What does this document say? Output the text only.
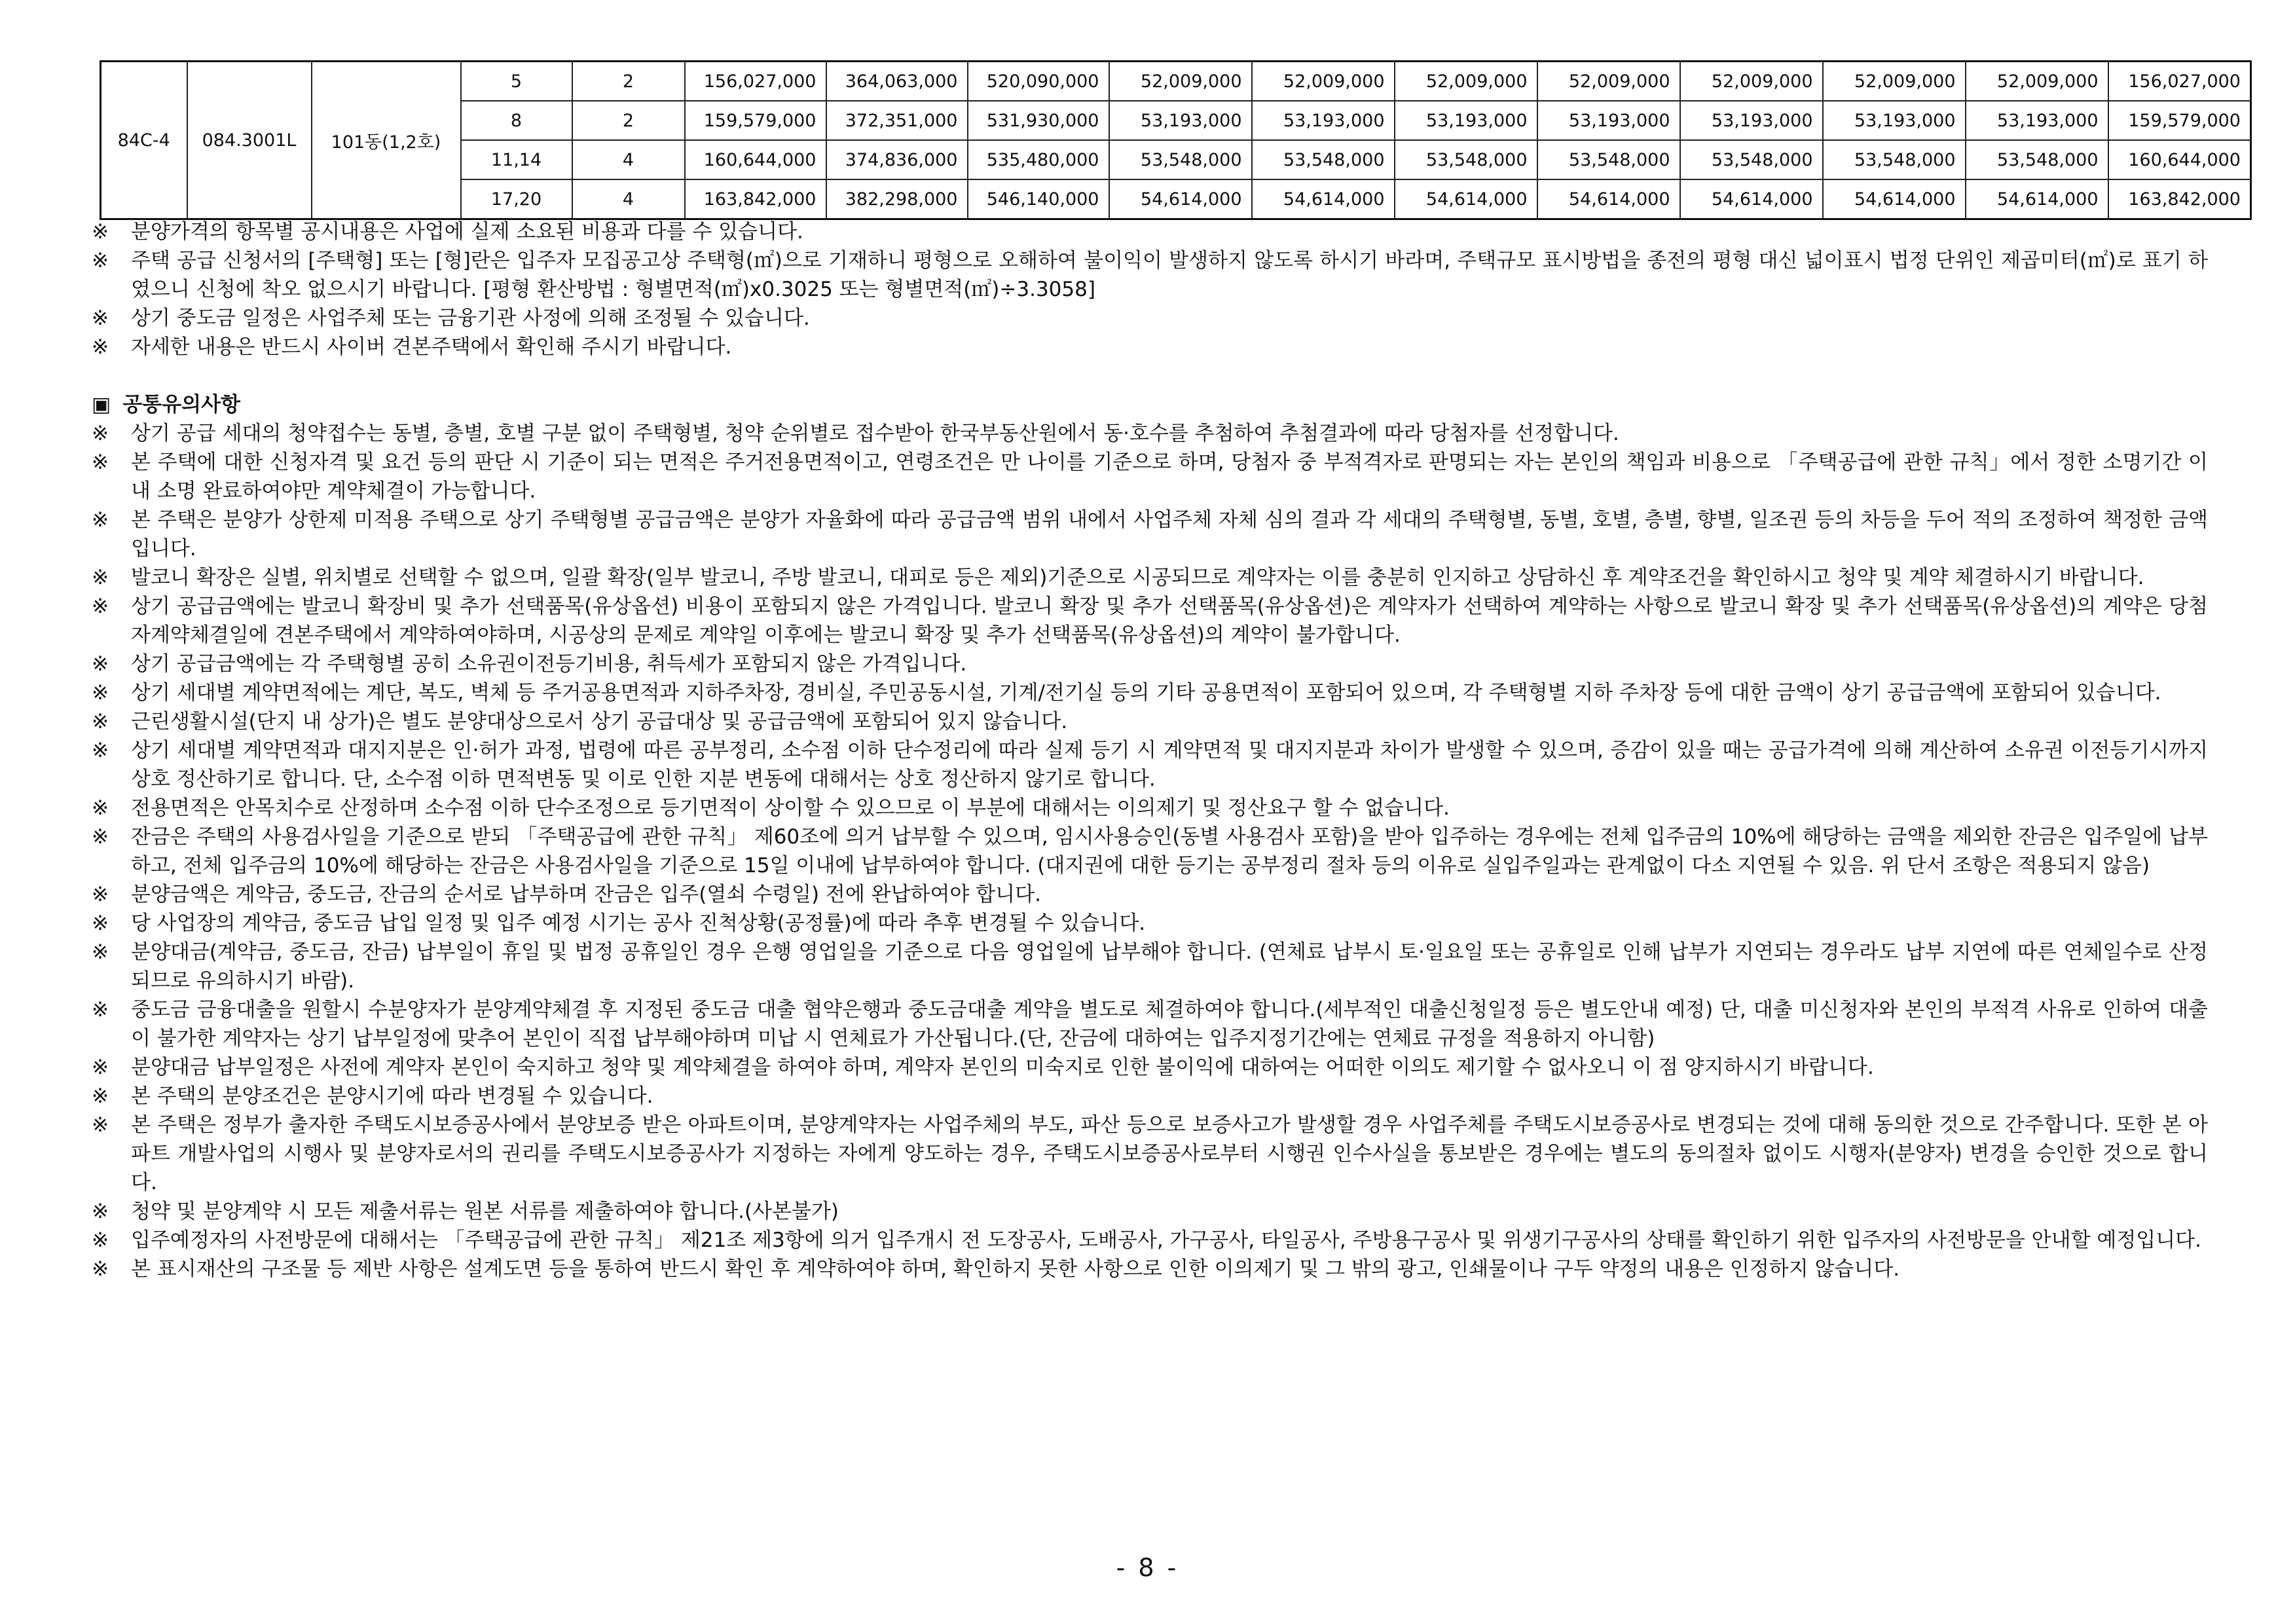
84C-4	084.3001L	101동(1,2호)	5	2	156,027,000	364,063,000	520,090,000	52,009,000	52,009,000	52,009,000	52,009,000	52,009,000	52,009,000	52,009,000	156,027,000
			8	2	159,579,000	372,351,000	531,930,000	53,193,000	53,193,000	53,193,000	53,193,000	53,193,000	53,193,000	53,193,000	159,579,000
			11,14	4	160,644,000	374,836,000	535,480,000	53,548,000	53,548,000	53,548,000	53,548,000	53,548,000	53,548,000	53,548,000	160,644,000
			17,20	4	163,842,000	382,298,000	546,140,000	54,614,000	54,614,000	54,614,000	54,614,000	54,614,000	54,614,000	54,614,000	163,842,000

※ 분양가격의 항목별 공시내용은 사업에 실제 소요된 비용과 다를 수 있습니다.

※ 주택 공급 신청서의 [주택형] 또는 [형]란은 입주자 모집공고상 주택형(㎡)으로 기재하니 평형으로 오해하여 불이익이 발생하지 않도록 하시기 바라며, 주택규모 표시방법을 종전의 평형 대신 넓이표시 법정 단위인 제곱미터(㎡)로 표기 하였으니 신청에 착오 없으시기 바랍니다. [평형 환산방법 : 형별면적(㎡)x0.3025 또는 형별면적(㎡)÷3.3058]

※ 상기 중도금 일정은 사업주체 또는 금융기관 사정에 의해 조정될 수 있습니다.

※ 자세한 내용은 반드시 사이버 견본주택에서 확인해 주시기 바랍니다.

▣ 공통유의사항

※ 상기 공급 세대의 청약접수는 동별, 층별, 호별 구분 없이 주택형별, 청약 순위별로 접수받아 한국부동산원에서 동·호수를 추첨하여 추첨결과에 따라 당첨자를 선정합니다.

※ 본 주택에 대한 신청자격 및 요건 등의 판단 시 기준이 되는 면적은 주거전용면적이고, 연령조건은 만 나이를 기준으로 하며, 당첨자 중 부적격자로 판명되는 자는 본인의 책임과 비용으로 「주택공급에 관한 규칙」에서 정한 소명기간 이내 소명 완료하여야만 계약체결이 가능합니다.

※ 본 주택은 분양가 상한제 미적용 주택으로 상기 주택형별 공급금액은 분양가 자율화에 따라 공급금액 범위 내에서 사업주체 자체 심의 결과 각 세대의 주택형별, 동별, 호별, 층별, 향별, 일조권 등의 차등을 두어 적의 조정하여 책정한 금액입니다.

※ 발코니 확장은 실별, 위치별로 선택할 수 없으며, 일괄 확장(일부 발코니, 주방 발코니, 대피로 등은 제외)기준으로 시공되므로 계약자는 이를 충분히 인지하고 상담하신 후 계약조건을 확인하시고 청약 및 계약 체결하시기 바랍니다.

※ 상기 공급금액에는 발코니 확장비 및 추가 선택품목(유상옵션) 비용이 포함되지 않은 가격입니다. 발코니 확장 및 추가 선택품목(유상옵션)은 계약자가 선택하여 계약하는 사항으로 발코니 확장 및 추가 선택품목(유상옵션)의 계약은 당첨자계약체결일에 견본주택에서 계약하여야하며, 시공상의 문제로 계약일 이후에는 발코니 확장 및 추가 선택품목(유상옵션)의 계약이 불가합니다.

※ 상기 공급금액에는 각 주택형별 공히 소유권이전등기비용, 취득세가 포함되지 않은 가격입니다.

※ 상기 세대별 계약면적에는 계단, 복도, 벽체 등 주거공용면적과 지하주차장, 경비실, 주민공동시설, 기계/전기실 등의 기타 공용면적이 포함되어 있으며, 각 주택형별 지하 주차장 등에 대한 금액이 상기 공급금액에 포함되어 있습니다.

※ 근린생활시설(단지 내 상가)은 별도 분양대상으로서 상기 공급대상 및 공급금액에 포함되어 있지 않습니다.

※ 상기 세대별 계약면적과 대지지분은 인·허가 과정, 법령에 따른 공부정리, 소수점 이하 단수정리에 따라 실제 등기 시 계약면적 및 대지지분과 차이가 발생할 수 있으며, 증감이 있을 때는 공급가격에 의해 계산하여 소유권 이전등기시까지 상호 정산하기로 합니다. 단, 소수점 이하 면적변동 및 이로 인한 지분 변동에 대해서는 상호 정산하지 않기로 합니다.

※ 전용면적은 안목치수로 산정하며 소수점 이하 단수조정으로 등기면적이 상이할 수 있으므로 이 부분에 대해서는 이의제기 및 정산요구 할 수 없습니다.

※ 잔금은 주택의 사용검사일을 기준으로 받되 「주택공급에 관한 규칙」 제60조에 의거 납부할 수 있으며, 임시사용승인(동별 사용검사 포함)을 받아 입주하는 경우에는 전체 입주금의 10%에 해당하는 금액을 제외한 잔금은 입주일에 납부하고, 전체 입주금의 10%에 해당하는 잔금은 사용검사일을 기준으로 15일 이내에 납부하여야 합니다. (대지권에 대한 등기는 공부정리 절차 등의 이유로 실입주일과는 관계없이 다소 지연될 수 있음. 위 단서 조항은 적용되지 않음)

※ 분양금액은 계약금, 중도금, 잔금의 순서로 납부하며 잔금은 입주(열쇠 수령일) 전에 완납하여야 합니다.

※ 당 사업장의 계약금, 중도금 납입 일정 및 입주 예정 시기는 공사 진척상황(공정률)에 따라 추후 변경될 수 있습니다.

※ 분양대금(계약금, 중도금, 잔금) 납부일이 휴일 및 법정 공휴일인 경우 은행 영업일을 기준으로 다음 영업일에 납부해야 합니다. (연체료 납부시 토·일요일 또는 공휴일로 인해 납부가 지연되는 경우라도 납부 지연에 따른 연체일수로 산정 되므로 유의하시기 바람).

※ 중도금 금융대출을 원할시 수분양자가 분양계약체결 후 지정된 중도금 대출 협약은행과 중도금대출 계약을 별도로 체결하여야 합니다.(세부적인 대출신청일정 등은 별도안내 예정) 단, 대출 미신청자와 본인의 부적격 사유로 인하여 대출이 불가한 계약자는 상기 납부일정에 맞추어 본인이 직접 납부해야하며 미납 시 연체료가 가산됩니다.(단, 잔금에 대하여는 입주지정기간에는 연체료 규정을 적용하지 아니함)

※ 분양대금 납부일정은 사전에 계약자 본인이 숙지하고 청약 및 계약체결을 하여야 하며, 계약자 본인의 미숙지로 인한 불이익에 대하여는 어떠한 이의도 제기할 수 없사오니 이 점 양지하시기 바랍니다.

※ 본 주택의 분양조건은 분양시기에 따라 변경될 수 있습니다.

※ 본 주택은 정부가 출자한 주택도시보증공사에서 분양보증 받은 아파트이며, 분양계약자는 사업주체의 부도, 파산 등으로 보증사고가 발생할 경우 사업주체를 주택도시보증공사로 변경되는 것에 대해 동의한 것으로 간주합니다. 또한 본 아파트 개발사업의 시행사 및 분양자로서의 권리를 주택도시보증공사가 지정하는 자에게 양도하는 경우, 주택도시보증공사로부터 시행권 인수사실을 통보받은 경우에는 별도의 동의절차 없이도 시행자(분양자) 변경을 승인한 것으로 합니다.

※ 청약 및 분양계약 시 모든 제출서류는 원본 서류를 제출하여야 합니다.(사본불가)

※ 입주예정자의 사전방문에 대해서는 「주택공급에 관한 규칙」 제21조 제3항에 의거 입주개시 전 도장공사, 도배공사, 가구공사, 타일공사, 주방용구공사 및 위생기구공사의 상태를 확인하기 위한 입주자의 사전방문을 안내할 예정입니다.

※ 본 표시재산의 구조물 등 제반 사항은 설계도면 등을 통하여 반드시 확인 후 계약하여야 하며, 확인하지 못한 사항으로 인한 이의제기 및 그 밖의 광고, 인쇄물이나 구두 약정의 내용은 인정하지 않습니다.

- 8 -
